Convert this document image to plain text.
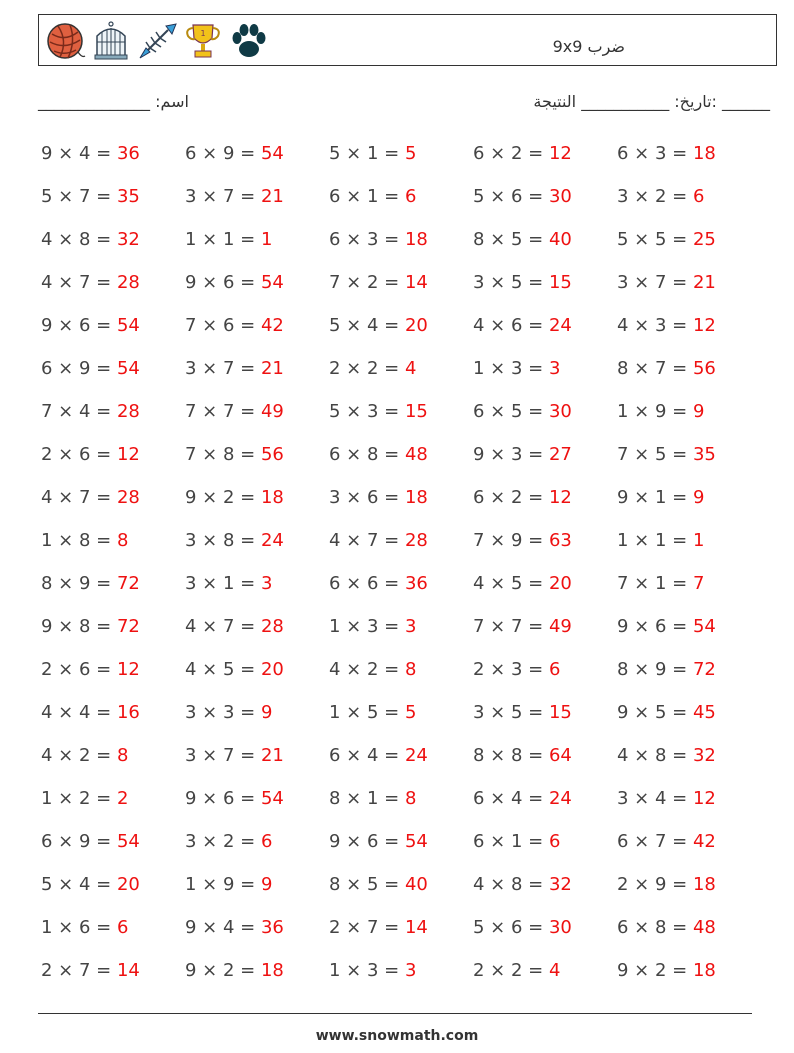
1
ضرب 9x9
اسم: ______________	______ :تاريخ: ___________ النتيجة
9 × 4 = 36	6 × 9 = 54	5 × 1 = 5	6 × 2 = 12	6 × 3 = 18
5 × 7 = 35	3 × 7 = 21	6 × 1 = 6	5 × 6 = 30	3 × 2 = 6
4 × 8 = 32	1 × 1 = 1	6 × 3 = 18	8 × 5 = 40	5 × 5 = 25
4 × 7 = 28	9 × 6 = 54	7 × 2 = 14	3 × 5 = 15	3 × 7 = 21
9 × 6 = 54	7 × 6 = 42	5 × 4 = 20	4 × 6 = 24	4 × 3 = 12
6 × 9 = 54	3 × 7 = 21	2 × 2 = 4	1 × 3 = 3	8 × 7 = 56
7 × 4 = 28	7 × 7 = 49	5 × 3 = 15	6 × 5 = 30	1 × 9 = 9
2 × 6 = 12	7 × 8 = 56	6 × 8 = 48	9 × 3 = 27	7 × 5 = 35
4 × 7 = 28	9 × 2 = 18	3 × 6 = 18	6 × 2 = 12	9 × 1 = 9
1 × 8 = 8	3 × 8 = 24	4 × 7 = 28	7 × 9 = 63	1 × 1 = 1
8 × 9 = 72	3 × 1 = 3	6 × 6 = 36	4 × 5 = 20	7 × 1 = 7
9 × 8 = 72	4 × 7 = 28	1 × 3 = 3	7 × 7 = 49	9 × 6 = 54
2 × 6 = 12	4 × 5 = 20	4 × 2 = 8	2 × 3 = 6	8 × 9 = 72
4 × 4 = 16	3 × 3 = 9	1 × 5 = 5	3 × 5 = 15	9 × 5 = 45
4 × 2 = 8	3 × 7 = 21	6 × 4 = 24	8 × 8 = 64	4 × 8 = 32
1 × 2 = 2	9 × 6 = 54	8 × 1 = 8	6 × 4 = 24	3 × 4 = 12
6 × 9 = 54	3 × 2 = 6	9 × 6 = 54	6 × 1 = 6	6 × 7 = 42
5 × 4 = 20	1 × 9 = 9	8 × 5 = 40	4 × 8 = 32	2 × 9 = 18
1 × 6 = 6	9 × 4 = 36	2 × 7 = 14	5 × 6 = 30	6 × 8 = 48
2 × 7 = 14	9 × 2 = 18	1 × 3 = 3	2 × 2 = 4	9 × 2 = 18
www.snowmath.com
